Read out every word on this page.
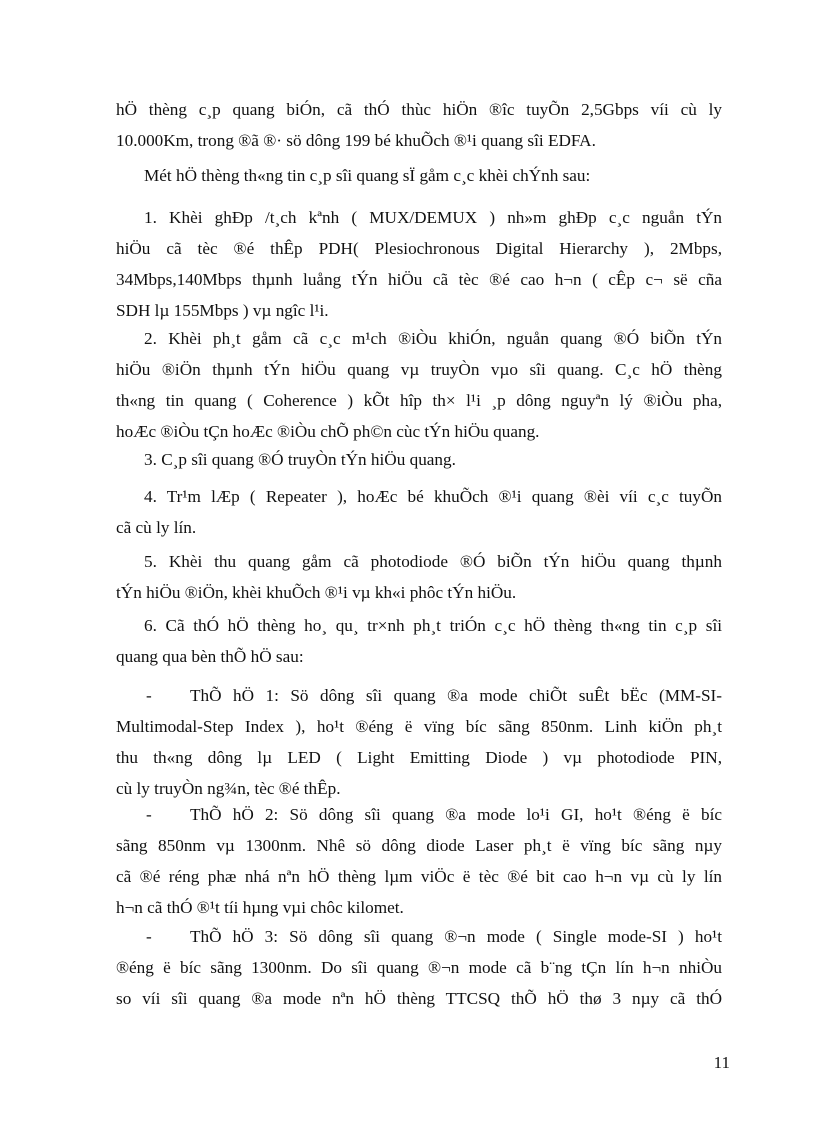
hÖ thèng c¸p quang biÓn, cã thÓ thùc hiÖn ®îc tuyÕn 2,5Gbps víi cù ly
10.000Km, trong ®ã ®· sö dông 199 bé khuÕch ®¹i quang sîi EDFA.
Mét hÖ thèng th«ng tin c¸p sîi quang sÏ gåm c¸c khèi chÝnh sau:
1. Khèi ghÐp /t¸ch kªnh ( MUX/DEMUX ) nh»m ghÐp c¸c nguån tÝn
hiÖu cã tèc ®é thÊp PDH( Plesiochronous Digital Hierarchy ), 2Mbps,
34Mbps,140Mbps thµnh luång tÝn hiÖu cã tèc ®é cao h¬n ( cÊp c¬ së cña
SDH lµ 155Mbps ) vµ ngîc l¹i.
2. Khèi ph¸t gåm cã c¸c m¹ch ®iÒu khiÓn, nguån quang ®Ó biÕn tÝn
hiÖu ®iÖn thµnh tÝn hiÖu quang vµ truyÒn vµo sîi quang. C¸c hÖ thèng
th«ng tin quang ( Coherence ) kÕt hîp th× l¹i ¸p dông nguyªn lý ®iÒu pha,
hoÆc ®iÒu tÇn hoÆc ®iÒu chÕ ph©n cùc tÝn hiÖu quang.
3. C¸p sîi quang ®Ó truyÒn tÝn hiÖu quang.
4. Tr¹m lÆp ( Repeater ), hoÆc bé khuÕch ®¹i quang ®èi víi c¸c tuyÕn
cã cù ly lín.
5. Khèi thu quang gåm cã photodiode ®Ó biÕn tÝn hiÖu quang thµnh
tÝn hiÖu ®iÖn, khèi khuÕch ®¹i vµ kh«i phôc tÝn hiÖu.
6. Cã thÓ hÖ thèng ho¸ qu¸ tr×nh ph¸t triÓn c¸c hÖ thèng th«ng tin c¸p sîi
quang qua bèn thÕ hÖ sau:
- ThÕ hÖ 1: Sö dông sîi quang ®a mode chiÕt suÊt bËc (MM-SI-
Multimodal-Step Index ), ho¹t ®éng ë vïng bíc sãng 850nm. Linh kiÖn ph¸t
thu th«ng dông lµ LED ( Light Emitting Diode ) vµ photodiode PIN,
cù ly truyÒn ng¾n, tèc ®é thÊp.
- ThÕ hÖ 2: Sö dông sîi quang ®a mode lo¹i GI, ho¹t ®éng ë bíc
sãng 850nm vµ 1300nm. Nhê sö dông diode Laser ph¸t ë vïng bíc sãng nµy
cã ®é réng phæ nhá nªn hÖ thèng lµm viÖc ë tèc ®é bit cao h¬n vµ cù ly lín
h¬n cã thÓ ®¹t tíi hµng vµi chôc kilomet.
- ThÕ hÖ 3: Sö dông sîi quang ®¬n mode ( Single mode-SI ) ho¹t
®éng ë bíc sãng 1300nm. Do sîi quang ®¬n mode cã b¨ng tÇn lín h¬n nhiÒu
so víi sîi quang ®a mode nªn hÖ thèng TTCSQ thÕ hÖ thø 3 nµy cã thÓ
11
